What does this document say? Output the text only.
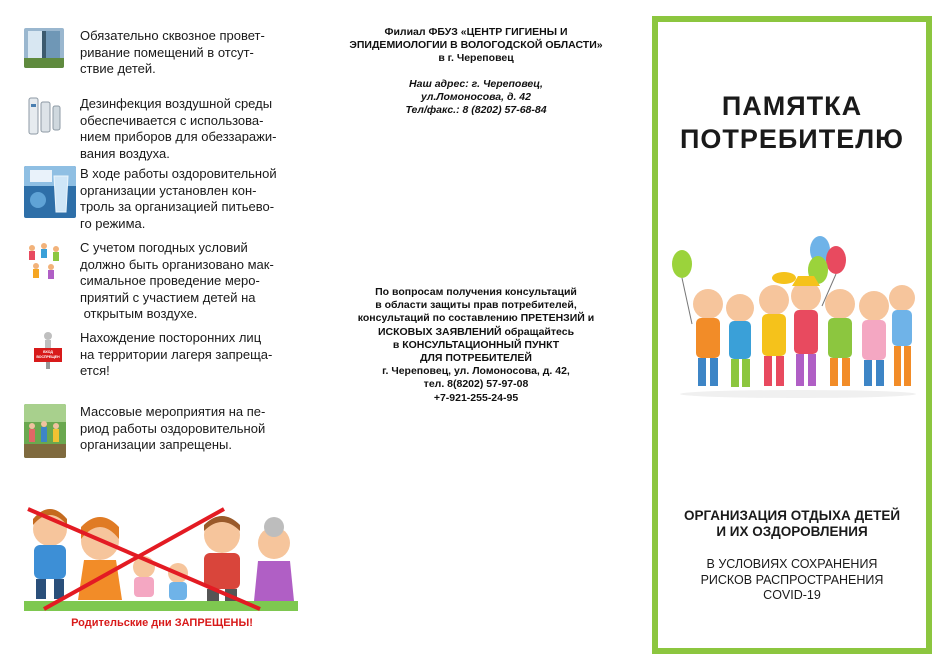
Обязательно сквозное провет-
ривание помещений в отсут-
ствие детей.
Дезинфекция воздушной среды
обеспечивается с использова-
нием приборов для обеззаражи-
вания воздуха.
В ходе работы оздоровительной
организации установлен кон-
троль за организацией питьево-
го режима.
С учетом погодных условий
должно быть организовано мак-
симальное проведение меро-
приятий с участием детей на
открытым воздухе.
ВХОД ВОСПРЕЩЕН
Нахождение посторонних лиц
на территории лагеря запреща-
ется!
Массовые мероприятия на пе-
риод работы оздоровительной
организации запрещены.
Родительские дни ЗАПРЕЩЕНЫ!
Филиал ФБУЗ «ЦЕНТР ГИГИЕНЫ И
ЭПИДЕМИОЛОГИИ В ВОЛОГОДСКОЙ ОБЛАСТИ»
в г. Череповец
Наш адрес: г. Череповец,
ул.Ломоносова, д. 42
Тел/факс.: 8 (8202) 57-68-84
По вопросам получения консультаций
в области защиты прав потребителей,
консультаций по составлению ПРЕТЕНЗИЙ и
ИСКОВЫХ ЗАЯВЛЕНИЙ обращайтесь
в КОНСУЛЬТАЦИОННЫЙ ПУНКТ
ДЛЯ ПОТРЕБИТЕЛЕЙ
г. Череповец, ул. Ломоносова, д. 42,
тел. 8(8202) 57-97-08
+7-921-255-24-95
ПАМЯТКА
ПОТРЕБИТЕЛЮ
ОРГАНИЗАЦИЯ ОТДЫХА ДЕТЕЙ
И ИХ ОЗДОРОВЛЕНИЯ
В УСЛОВИЯХ СОХРАНЕНИЯ
РИСКОВ РАСПРОСТРАНЕНИЯ
COVID-19
